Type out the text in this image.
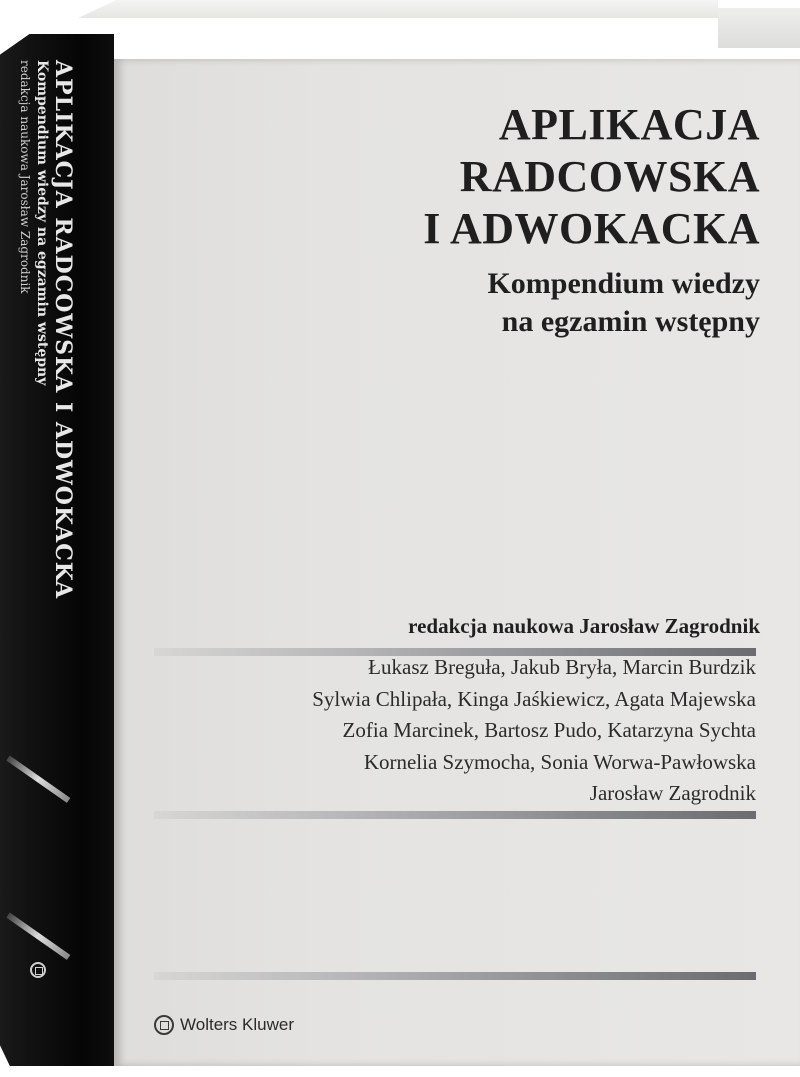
APLIKACJA RADCOWSKA I ADWOKACKA
Kompendium wiedzy na egzamin wstępny
redakcja naukowa Jarosław Zagrodnik	APLIKACJA
RADCOWSKA
I ADWOKACKA
Kompendium wiedzy
na egzamin wstępny
redakcja naukowa Jarosław Zagrodnik
Łukasz Breguła, Jakub Bryła, Marcin Burdzik
Sylwia Chlipała, Kinga Jaśkiewicz, Agata Majewska
Zofia Marcinek, Bartosz Pudo, Katarzyna Sychta
Kornelia Szymocha, Sonia Worwa-Pawłowska
Jarosław Zagrodnik
Wolters Kluwer
